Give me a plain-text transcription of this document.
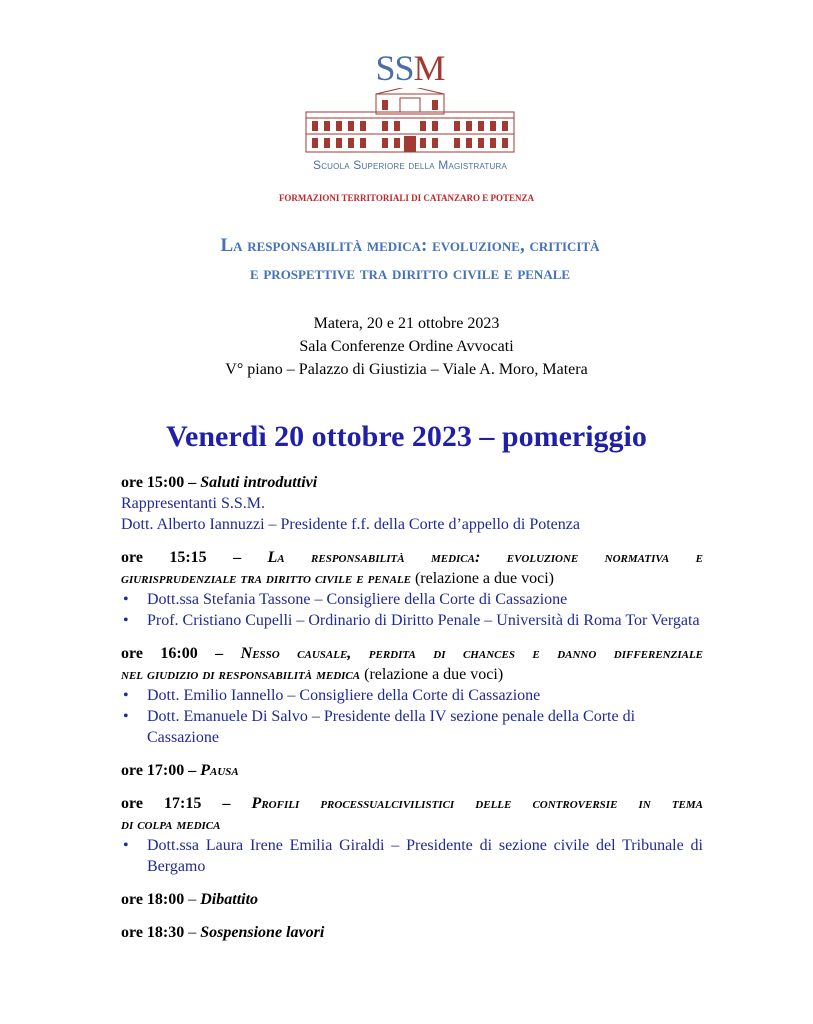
SSM
Scuola Superiore della Magistratura
FORMAZIONI TERRITORIALI DI CATANZARO E POTENZA
La responsabilità medica: evoluzione, criticità
e prospettive tra diritto civile e penale
Matera, 20 e 21 ottobre 2023
Sala Conferenze Ordine Avvocati
V° piano – Palazzo di Giustizia – Viale A. Moro, Matera
Venerdì 20 ottobre 2023 – pomeriggio
ore 15:00 – Saluti introduttivi
Rappresentanti S.S.M.
Dott. Alberto Iannuzzi – Presidente f.f. della Corte d’appello di Potenza
ore 15:15 – La responsabilità medica: evoluzione normativa e
giurisprudenziale tra diritto civile e penale (relazione a due voci)
• Dott.ssa Stefania Tassone – Consigliere della Corte di Cassazione
• Prof. Cristiano Cupelli – Ordinario di Diritto Penale – Università di Roma Tor Vergata
ore 16:00 – Nesso causale, perdita di chances e danno differenziale
nel giudizio di responsabilità medica (relazione a due voci)
• Dott. Emilio Iannello – Consigliere della Corte di Cassazione
• Dott. Emanuele Di Salvo – Presidente della IV sezione penale della Corte di Cassazione
ore 17:00 – Pausa
ore 17:15 – Profili processualcivilistici delle controversie in tema
di colpa medica
• Dott.ssa Laura Irene Emilia Giraldi – Presidente di sezione civile del Tribunale di Bergamo
ore 18:00 – Dibattito
ore 18:30 – Sospensione lavori
